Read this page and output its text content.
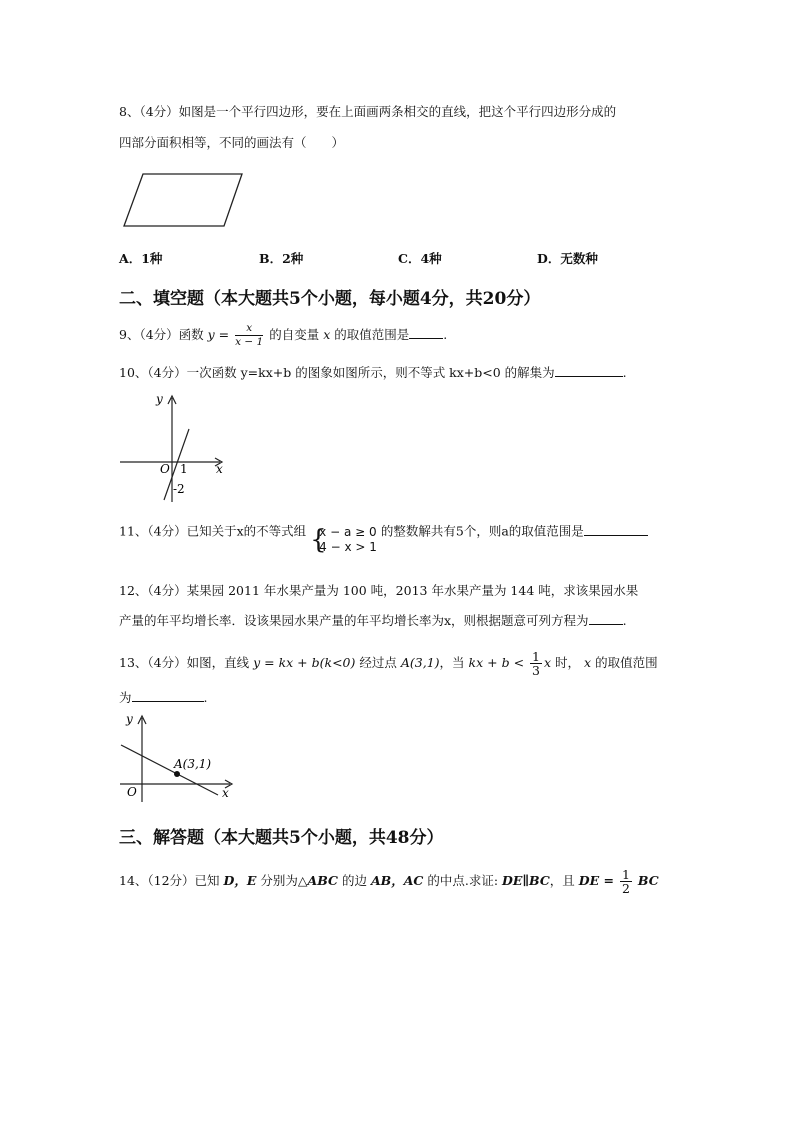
8、（4分）如图是一个平行四边形，要在上面画两条相交的直线，把这个平行四边形分成的
四部分面积相等，不同的画法有（　　）
A．1种	B．2种	C．4种	D．无数种
二、填空题（本大题共5个小题，每小题4分，共20分）
9、（4分）函数 $y = \frac{x}{x - 1}$ 的自变量 x 的取值范围是	.
10、（4分）一次函数 y=kx+b 的图象如图所示，则不等式 kx+b<0 的解集为	.
y
x
O 1
-2
11、（4分）已知关于x的不等式组 {
x − a ≥ 0
4 − x > 1
的整数解共有5个，则a的取值范围是
12、（4分）某果园 2011 年水果产量为 100 吨，2013 年水果产量为 144 吨，求该果园水果
产量的年平均增长率．设该果园水果产量的年平均增长率为x，则根据题意可列方程为	.
13、（4分）如图，直线 y = kx + b(k<0) 经过点 A(3,1)，当 kx + $b < \frac{1}{3}$ x 时， x 的取值范围
为	.
y
x
O
A(3,1)
三、解答题（本大题共5个小题，共48分）
14、（12分）已知 D，E 分别为△ABC 的边 AB，AC 的中点.求证: DE∥BC，且 DE = $\frac{1}{2}$ BC
